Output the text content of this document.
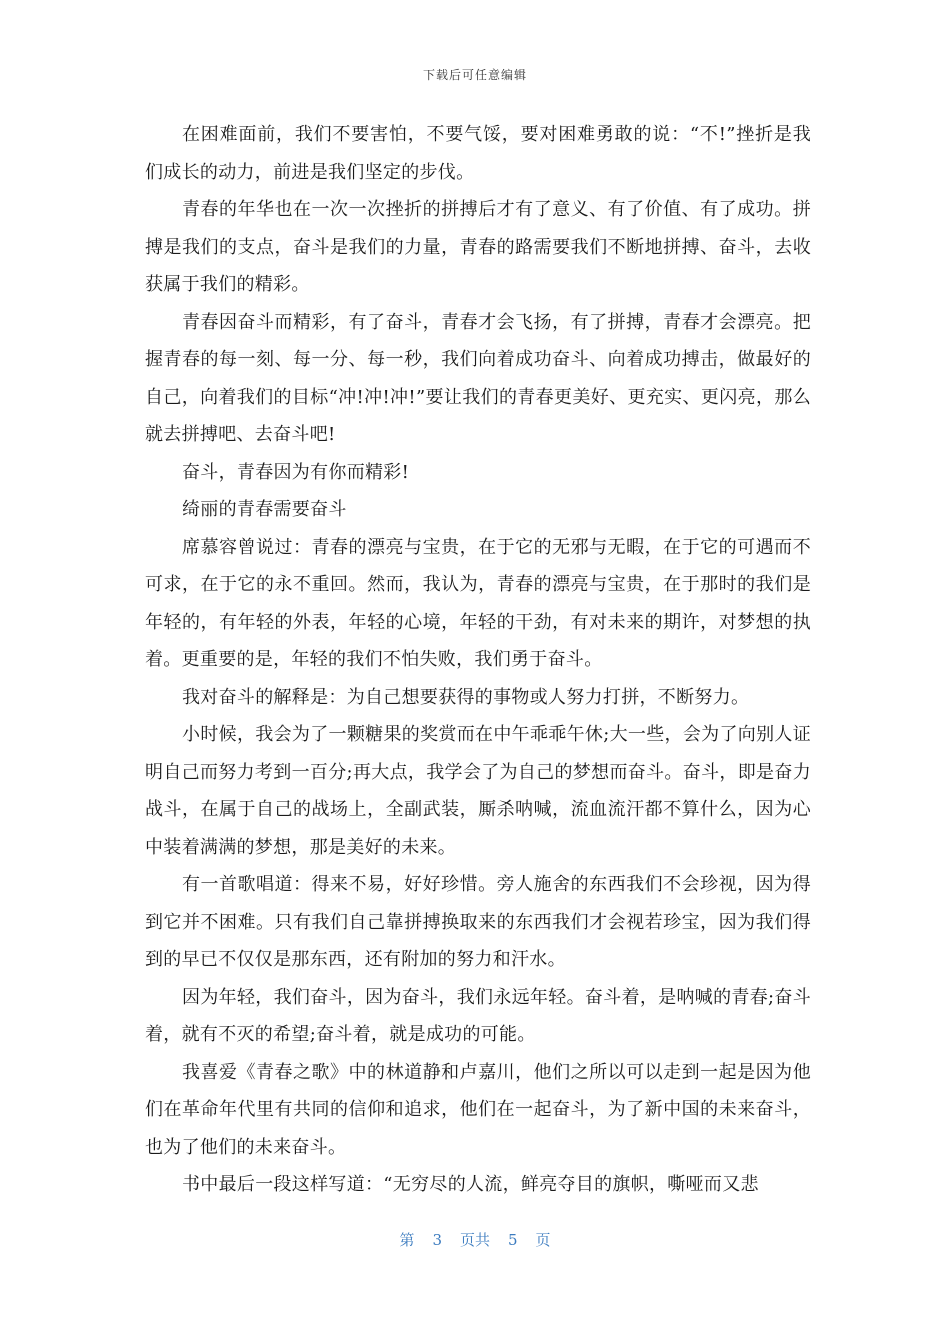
下载后可任意编辑

在困难面前，我们不要害怕，不要气馁，要对困难勇敢的说：“不!”挫折是我们成长的动力，前进是我们坚定的步伐。

青春的年华也在一次一次挫折的拼搏后才有了意义、有了价值、有了成功。拼搏是我们的支点，奋斗是我们的力量，青春的路需要我们不断地拼搏、奋斗，去收获属于我们的精彩。

青春因奋斗而精彩，有了奋斗，青春才会飞扬，有了拼搏，青春才会漂亮。把握青春的每一刻、每一分、每一秒，我们向着成功奋斗、向着成功搏击，做最好的自己，向着我们的目标“冲!冲!冲!”要让我们的青春更美好、更充实、更闪亮，那么就去拼搏吧、去奋斗吧!

奋斗，青春因为有你而精彩!

绮丽的青春需要奋斗

席慕容曾说过：青春的漂亮与宝贵，在于它的无邪与无暇，在于它的可遇而不可求，在于它的永不重回。然而，我认为，青春的漂亮与宝贵，在于那时的我们是年轻的，有年轻的外表，年轻的心境，年轻的干劲，有对未来的期许，对梦想的执着。更重要的是，年轻的我们不怕失败，我们勇于奋斗。

我对奋斗的解释是：为自己想要获得的事物或人努力打拼，不断努力。

小时候，我会为了一颗糖果的奖赏而在中午乖乖午休;大一些，会为了向别人证明自己而努力考到一百分;再大点，我学会了为自己的梦想而奋斗。奋斗，即是奋力战斗，在属于自己的战场上，全副武装，厮杀呐喊，流血流汗都不算什么，因为心中装着满满的梦想，那是美好的未来。

有一首歌唱道：得来不易，好好珍惜。旁人施舍的东西我们不会珍视，因为得到它并不困难。只有我们自己靠拼搏换取来的东西我们才会视若珍宝，因为我们得到的早已不仅仅是那东西，还有附加的努力和汗水。

因为年轻，我们奋斗，因为奋斗，我们永远年轻。奋斗着，是呐喊的青春;奋斗着，就有不灭的希望;奋斗着，就是成功的可能。

我喜爱《青春之歌》中的林道静和卢嘉川，他们之所以可以走到一起是因为他们在革命年代里有共同的信仰和追求，他们在一起奋斗，为了新中国的未来奋斗，也为了他们的未来奋斗。

书中最后一段这样写道：“无穷尽的人流，鲜亮夺目的旗帜，嘶哑而又悲

第 3 页共 5 页
